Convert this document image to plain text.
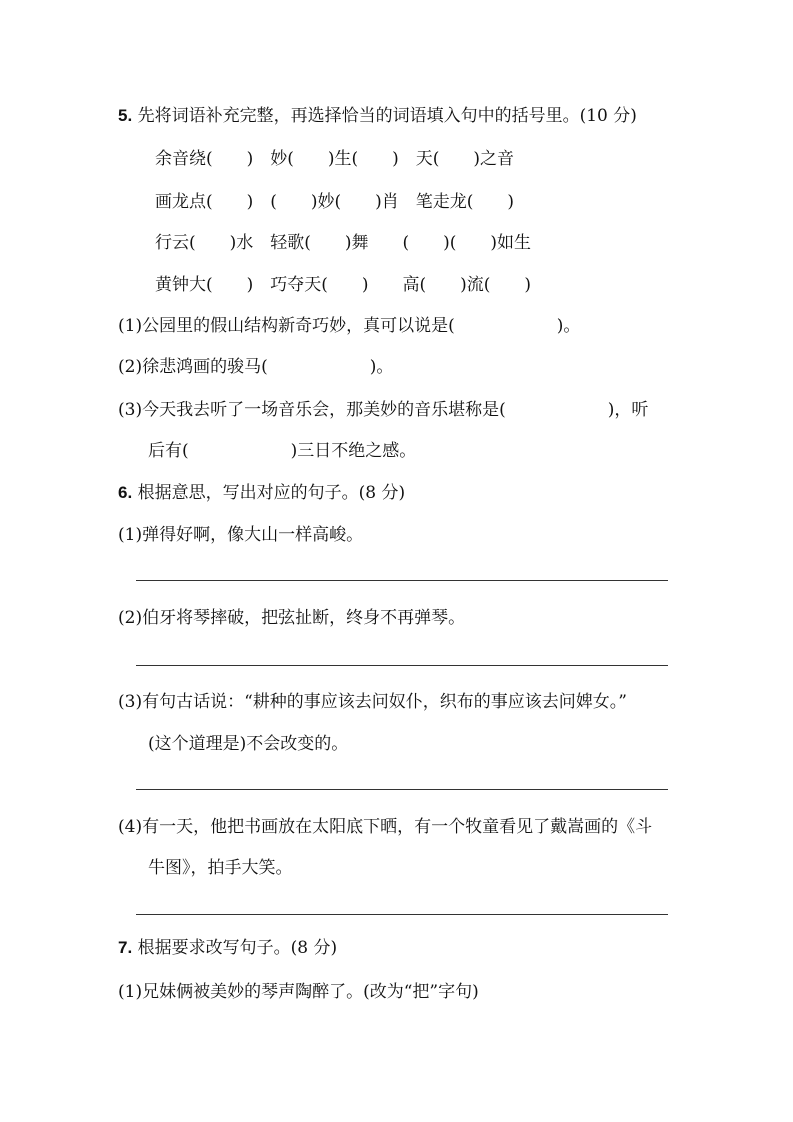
5. 先将词语补充完整，再选择恰当的词语填入句中的括号里。(10 分)
余音绕(　　)　妙(　　)生(　　)　天(　　)之音
画龙点(　　)　(　　)妙(　　)肖　笔走龙(　　)
行云(　　)水　轻歌(　　)舞　　(　　)(　　)如生
黄钟大(　　)　巧夺天(　　)　　高(　　)流(　　)
(1)公园里的假山结构新奇巧妙，真可以说是(　　　　　　)。
(2)徐悲鸿画的骏马(　　　　　　)。
(3)今天我去听了一场音乐会，那美妙的音乐堪称是(　　　　　　)，听
后有(　　　　　　)三日不绝之感。
6. 根据意思，写出对应的句子。(8 分)
(1)弹得好啊，像大山一样高峻。
(2)伯牙将琴摔破，把弦扯断，终身不再弹琴。
(3)有句古话说：“耕种的事应该去问奴仆，织布的事应该去问婢女。”
(这个道理是)不会改变的。
(4)有一天，他把书画放在太阳底下晒，有一个牧童看见了戴嵩画的《斗
牛图》，拍手大笑。
7. 根据要求改写句子。(8 分)
(1)兄妹俩被美妙的琴声陶醉了。(改为“把”字句)
